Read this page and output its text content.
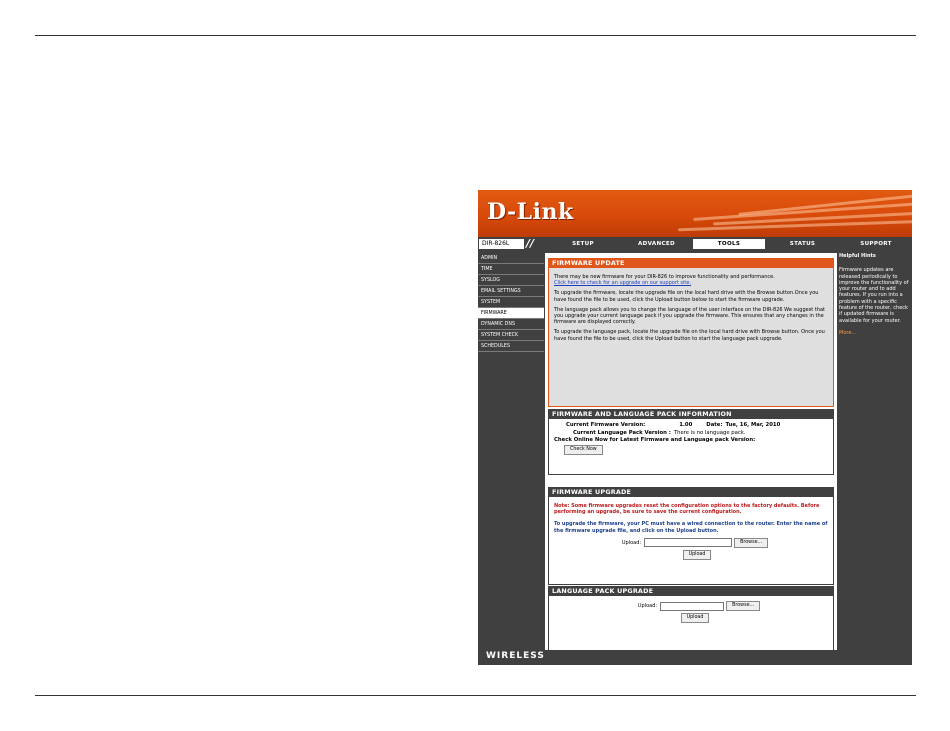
D-Link
DIR-826L	//	SETUP	ADVANCED	TOOLS	STATUS	SUPPORT
ADMIN
TIME
SYSLOG
EMAIL SETTINGS
SYSTEM
FIRMWARE
DYNAMIC DNS
SYSTEM CHECK
SCHEDULES
FIRMWARE UPDATE

There may be new firmware for your DIR-826 to improve functionality and performance.

Click here to check for an upgrade on our support site.

To upgrade the firmware, locate the upgrade file on the local hard drive with the Browse button.Once you have found the file to be used, click the Upload button below to start the firmware upgrade.

The language pack allows you to change the language of the user interface on the DIR-826 We suggest that you upgrade your current language pack if you upgrade the firmware. This ensures that any changes in the firmware are displayed correctly.

To upgrade the language pack, locate the upgrade file on the local hard drive with Browse button. Once you have found the file to be used, click the Upload button to start the language pack upgrade.

FIRMWARE AND LANGUAGE PACK INFORMATION
Current Firmware Version:	1.00	Date: Tue, 16, Mar, 2010
Current Language Pack Version : There is no language pack.
Check Online Now for Latest Firmware and Language pack Version:
Check Now
FIRMWARE UPGRADE

Note: Some firmware upgrades reset the configuration options to the factory defaults. Before performing an upgrade, be sure to save the current configuration.

To upgrade the firmware, your PC must have a wired connection to the router. Enter the name of the firmware upgrade file, and click on the Upload button.

Upload:	Browse...
Upload
LANGUAGE PACK UPGRADE
Upload:	Browse...
Upload
Helpful Hints
Firmware updates are released periodically to improve the functionality of your router and to add features. If you run into a problem with a specific feature of the router, check if updated firmware is available for your router.
More...
WIRELESS
